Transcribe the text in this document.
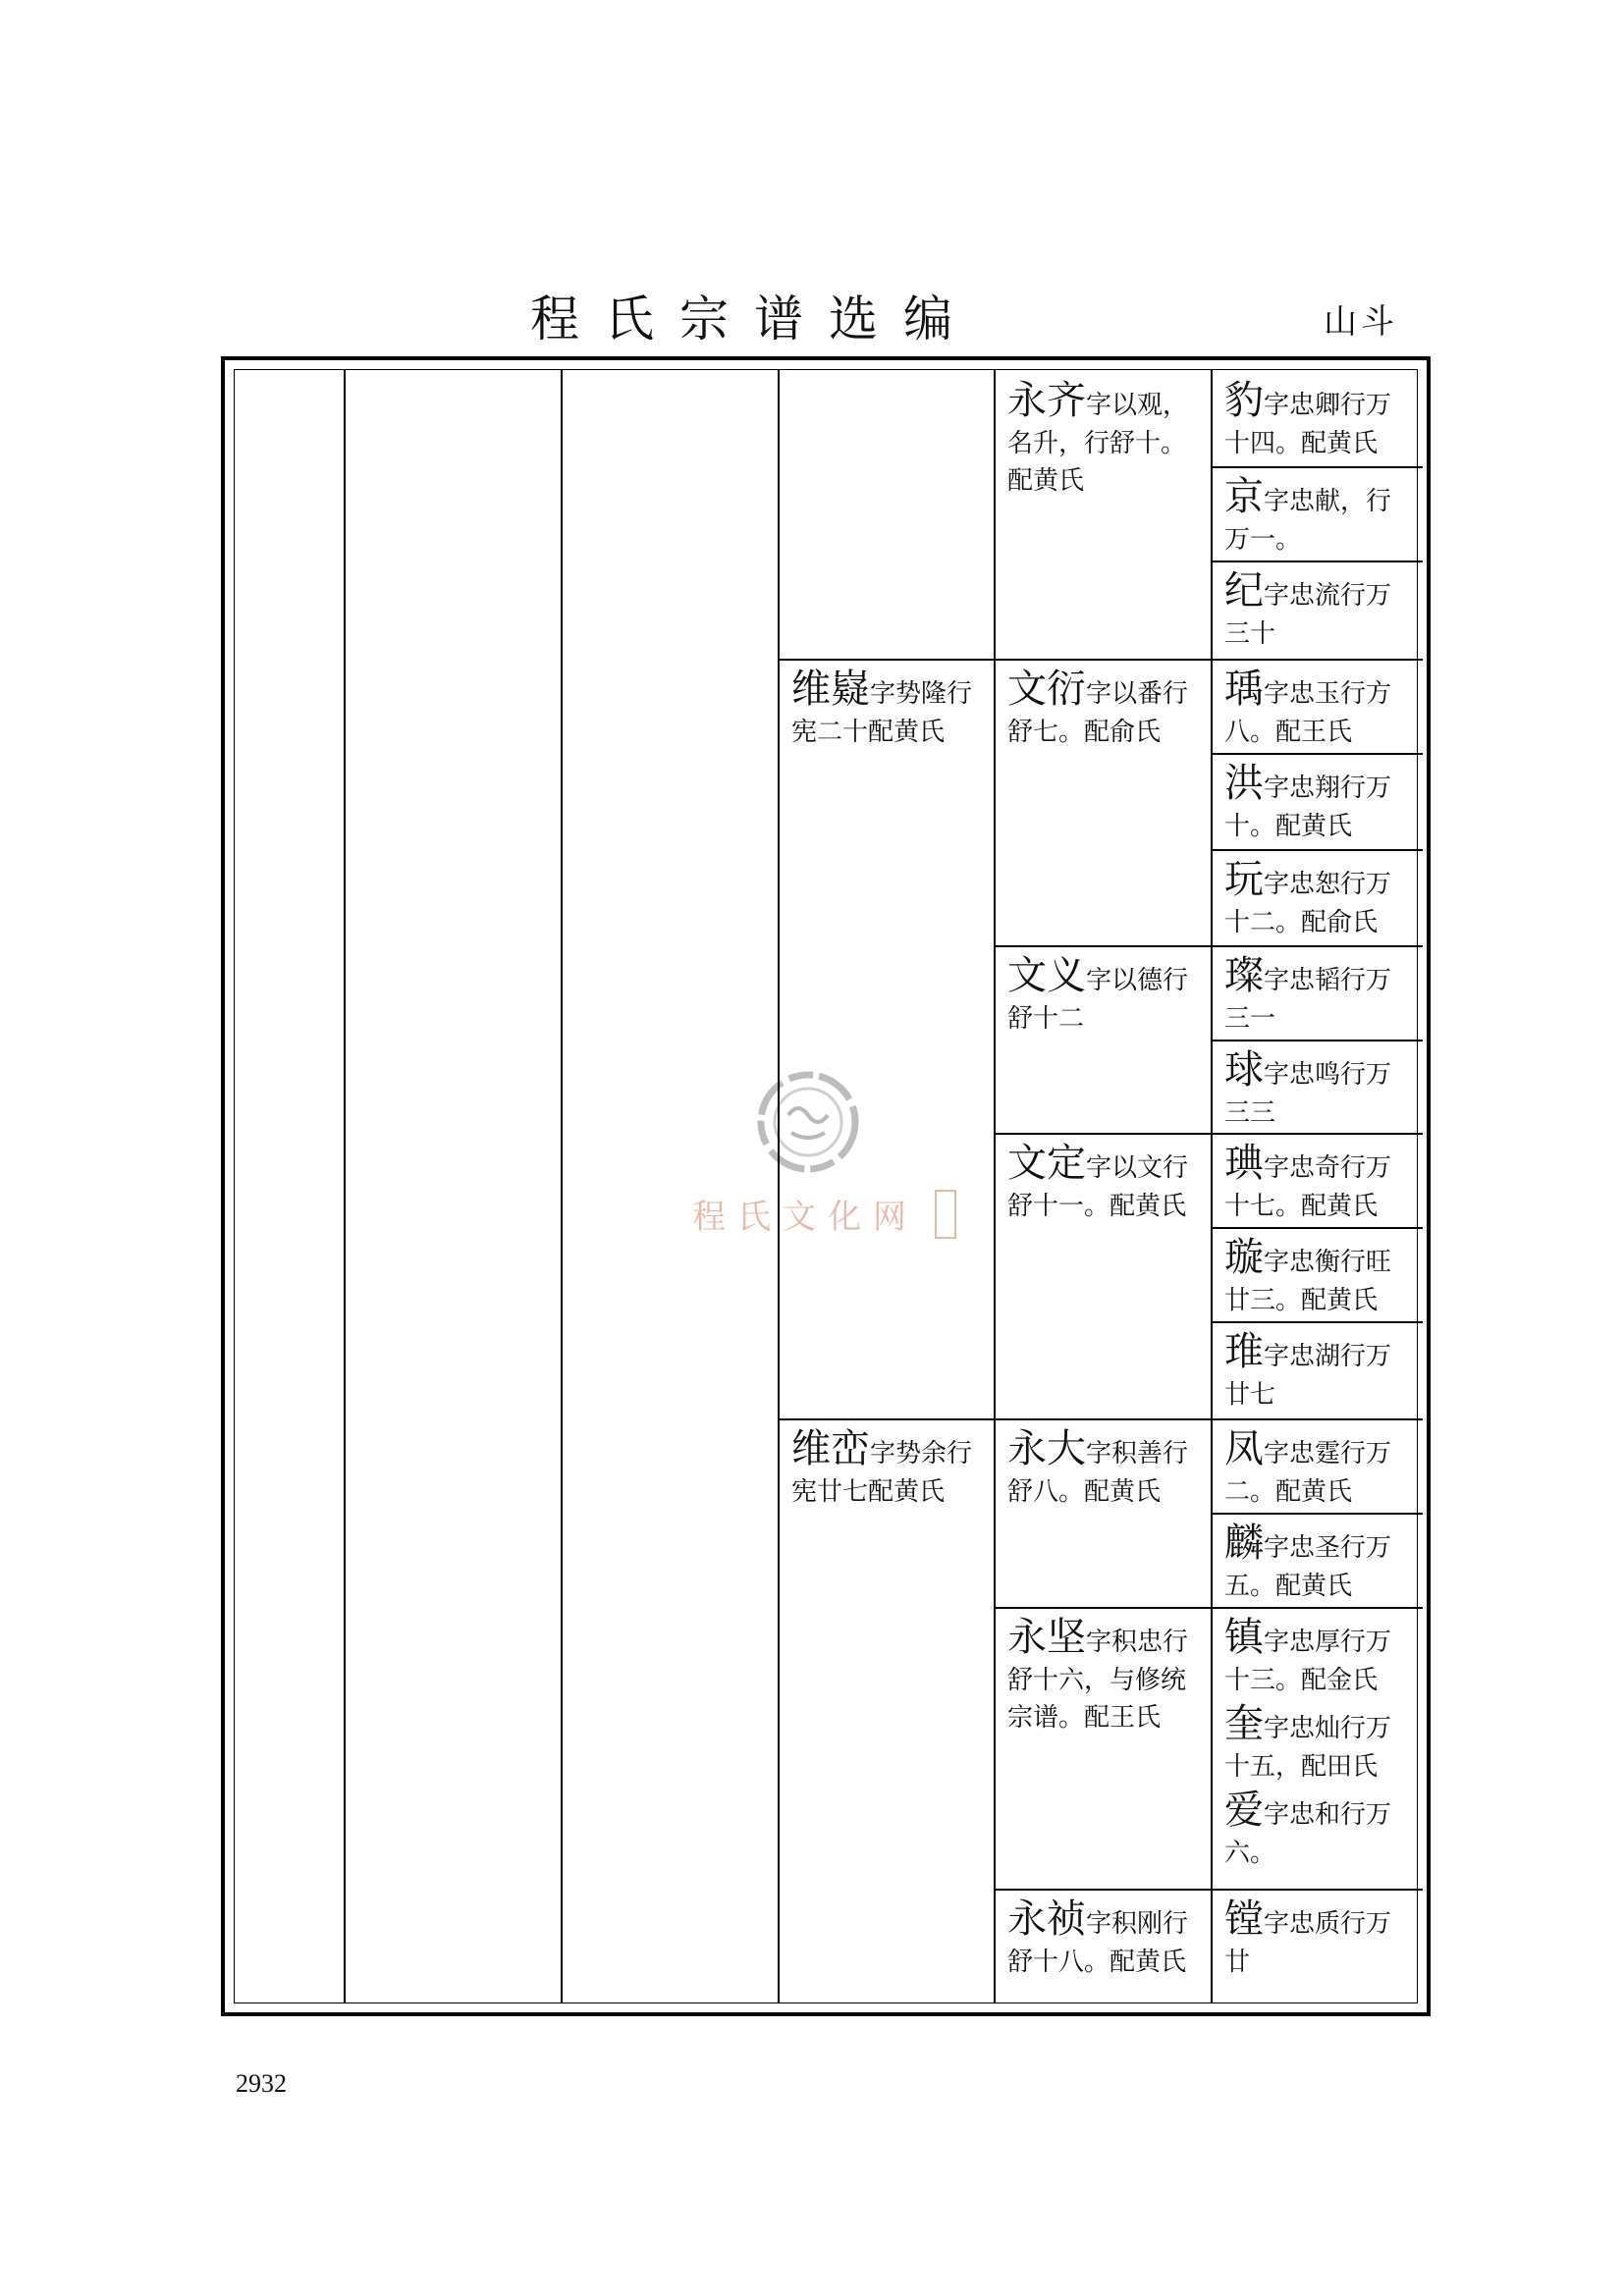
程氏宗谱选编	山斗
程氏文化网

维嶷字势隆行宪二十配黄氏

维峦字势余行宪廿七配黄氏

永齐字以观，名升，行舒十。配黄氏

文衍字以番行舒七。配俞氏

文义字以德行舒十二

文定字以文行舒十一。配黄氏

永大字积善行舒八。配黄氏

永坚字积忠行舒十六，与修统宗谱。配王氏

永祯字积刚行舒十八。配黄氏

豹字忠卿行万十四。配黄氏

京字忠献，行万一。

纪字忠流行万三十

瑀字忠玉行方八。配王氏

洪字忠翔行万十。配黄氏

玩字忠恕行万十二。配俞氏

璨字忠韬行万三一

球字忠鸣行万三三

琠字忠奇行万十七。配黄氏

璇字忠衡行旺廿三。配黄氏

琟字忠湖行万廿七

凤字忠霆行万二。配黄氏

麟字忠圣行万五。配黄氏

镇字忠厚行万十三。配金氏

奎字忠灿行万十五，配田氏

爱字忠和行万六。

镗字忠质行万廿

2932
